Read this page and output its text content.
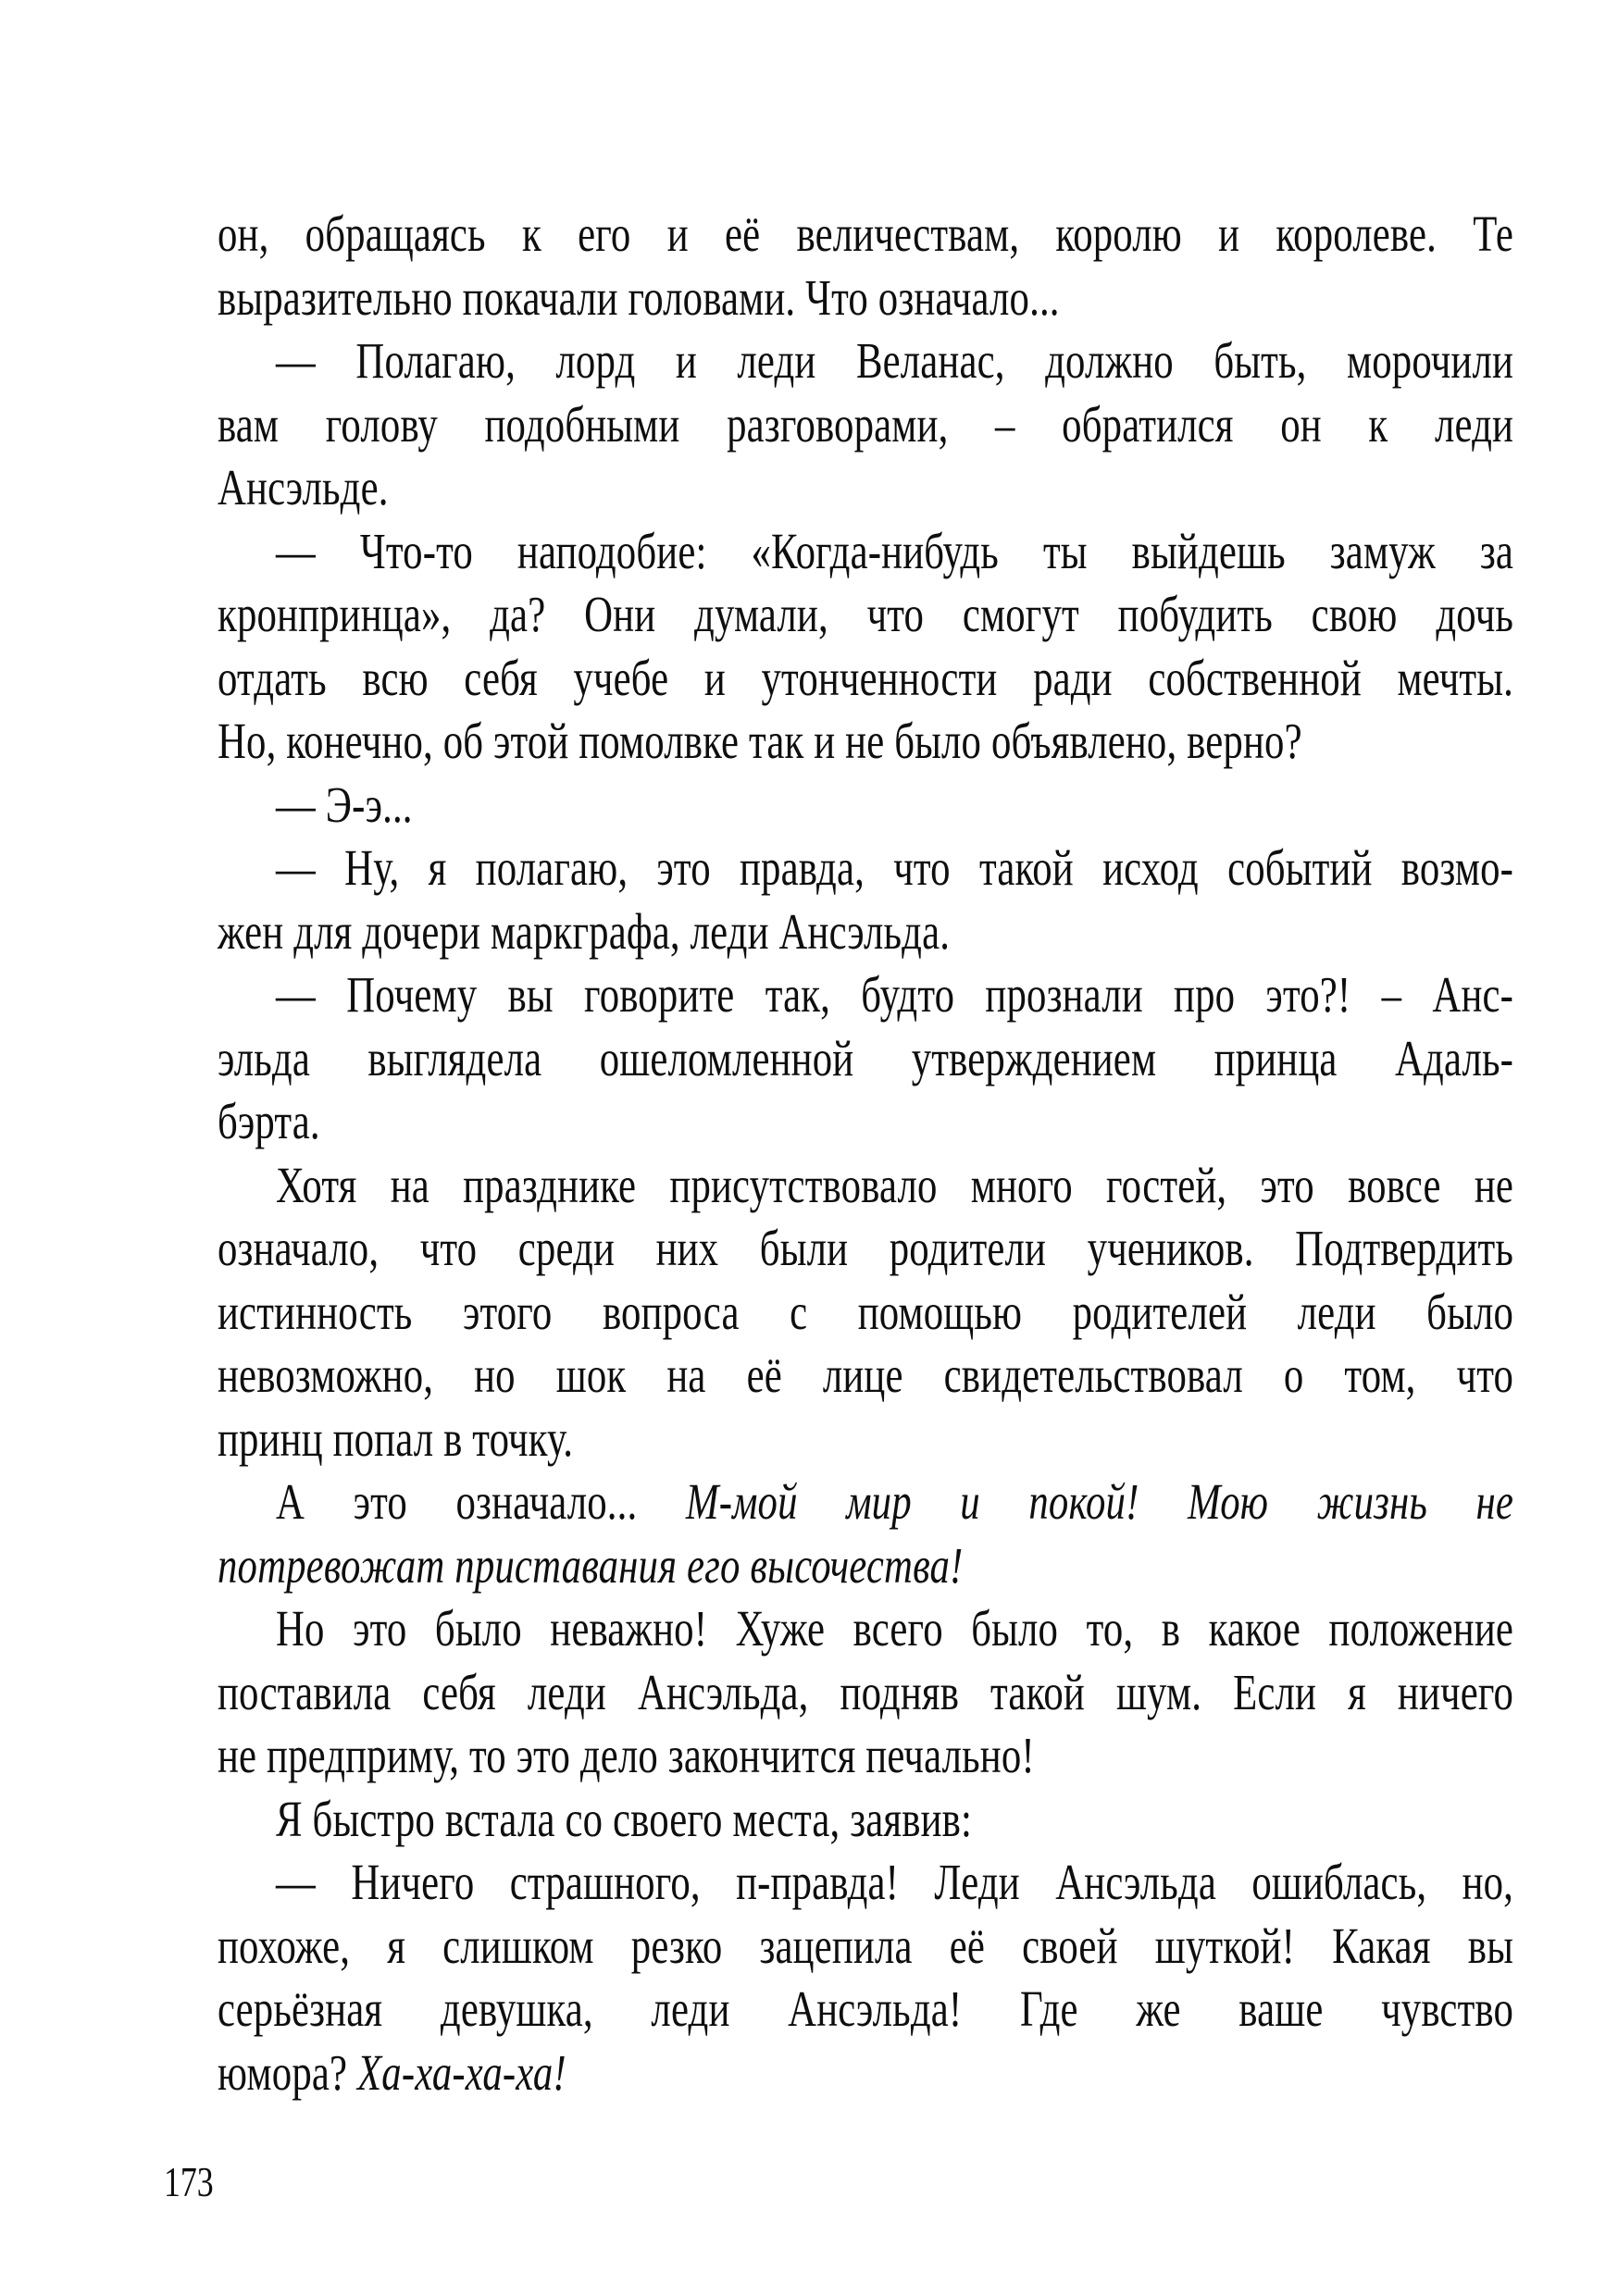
он, обращаясь к его и её величествам, королю и королеве. Те
выразительно покачали головами. Что означало...
— Полагаю, лорд и леди Веланас, должно быть, морочили
вам голову подобными разговорами, – обратился он к леди
Ансэльде.
— Что-то наподобие: «Когда-нибудь ты выйдешь замуж за
кронпринца», да? Они думали, что смогут побудить свою дочь
отдать всю себя учебе и утонченности ради собственной мечты.
Но, конечно, об этой помолвке так и не было объявлено, верно?
— Э-э...
— Ну, я полагаю, это правда, что такой исход событий возмо-
жен для дочери маркграфа, леди Ансэльда.
— Почему вы говорите так, будто прознали про это?! – Анс-
эльда выглядела ошеломленной утверждением принца Адаль-
бэрта.
Хотя на празднике присутствовало много гостей, это вовсе не
означало, что среди них были родители учеников. Подтвердить
истинность этого вопроса с помощью родителей леди было
невозможно, но шок на её лице свидетельствовал о том, что
принц попал в точку.
А это означало... М-мой мир и покой! Мою жизнь не
потревожат приставания его высочества!
Но это было неважно! Хуже всего было то, в какое положение
поставила себя леди Ансэльда, подняв такой шум. Если я ничего
не предприму, то это дело закончится печально!
Я быстро встала со своего места, заявив:
— Ничего страшного, п-правда! Леди Ансэльда ошиблась, но,
похоже, я слишком резко зацепила её своей шуткой! Какая вы
серьёзная девушка, леди Ансэльда! Где же ваше чувство
юмора? Ха-ха-ха-ха!
173
